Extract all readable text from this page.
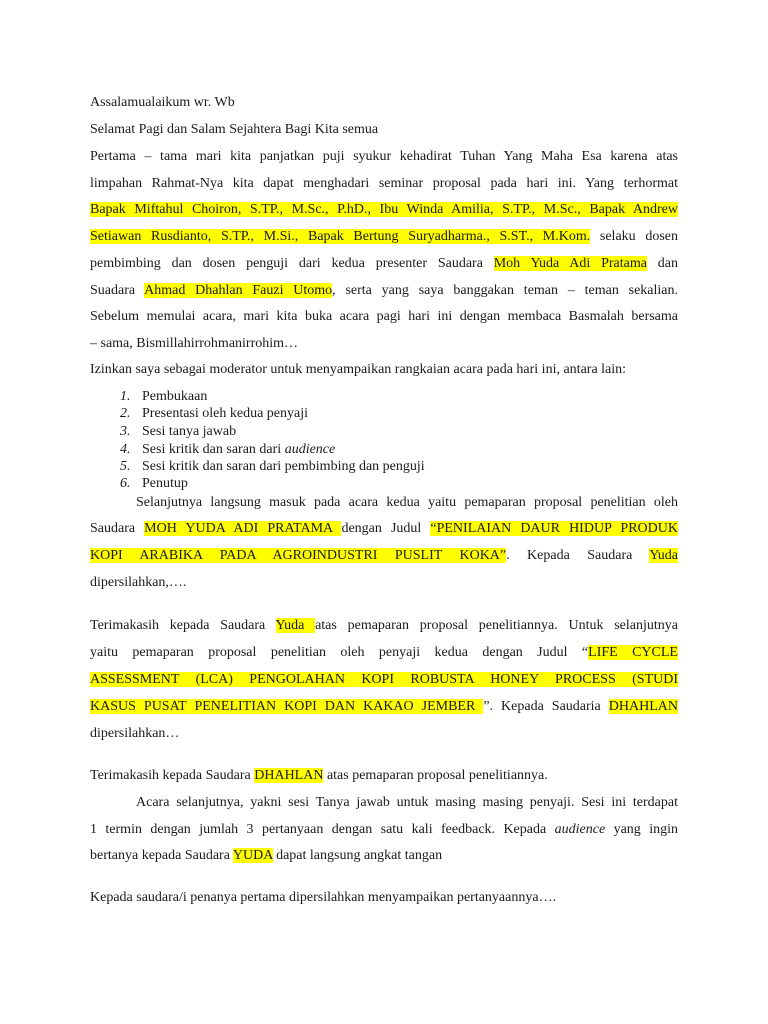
Assalamualaikum wr. Wb
Selamat Pagi dan Salam Sejahtera Bagi Kita semua
Pertama – tama mari kita panjatkan puji syukur kehadirat Tuhan Yang Maha Esa karena atas
limpahan Rahmat-Nya kita dapat menghadari seminar proposal pada hari ini. Yang terhormat
Bapak Miftahul Choiron, S.TP., M.Sc., P.hD., Ibu Winda Amilia, S.TP., M.Sc., Bapak Andrew
Setiawan Rusdianto, S.TP., M.Si., Bapak Bertung Suryadharma., S.ST., M.Kom. selaku dosen
pembimbing dan dosen penguji dari kedua presenter Saudara Moh Yuda Adi Pratama dan
Suadara Ahmad Dhahlan Fauzi Utomo, serta yang saya banggakan teman – teman sekalian.
Sebelum memulai acara, mari kita buka acara pagi hari ini dengan membaca Basmalah bersama
– sama, Bismillahirrohmanirrohim…
Izinkan saya sebagai moderator untuk menyampaikan rangkaian acara pada hari ini, antara lain:
1. Pembukaan
2. Presentasi oleh kedua penyaji
3. Sesi tanya jawab
4. Sesi kritik dan saran dari audience
5. Sesi kritik dan saran dari pembimbing dan penguji
6. Penutup
Selanjutnya langsung masuk pada acara kedua yaitu pemaparan proposal penelitian oleh
Saudara MOH YUDA ADI PRATAMA dengan Judul “PENILAIAN DAUR HIDUP PRODUK
KOPI ARABIKA PADA AGROINDUSTRI PUSLIT KOKA”. Kepada Saudara Yuda
dipersilahkan,….
Terimakasih kepada Saudara Yuda atas pemaparan proposal penelitiannya. Untuk selanjutnya
yaitu pemaparan proposal penelitian oleh penyaji kedua dengan Judul “LIFE CYCLE
ASSESSMENT (LCA) PENGOLAHAN KOPI ROBUSTA HONEY PROCESS (STUDI
KASUS PUSAT PENELITIAN KOPI DAN KAKAO JEMBER ”. Kepada Saudaria DHAHLAN
dipersilahkan…
Terimakasih kepada Saudara DHAHLAN atas pemaparan proposal penelitiannya.
Acara selanjutnya, yakni sesi Tanya jawab untuk masing masing penyaji. Sesi ini terdapat
1 termin dengan jumlah 3 pertanyaan dengan satu kali feedback. Kepada audience yang ingin
bertanya kepada Saudara YUDA dapat langsung angkat tangan
Kepada saudara/i penanya pertama dipersilahkan menyampaikan pertanyaannya….
